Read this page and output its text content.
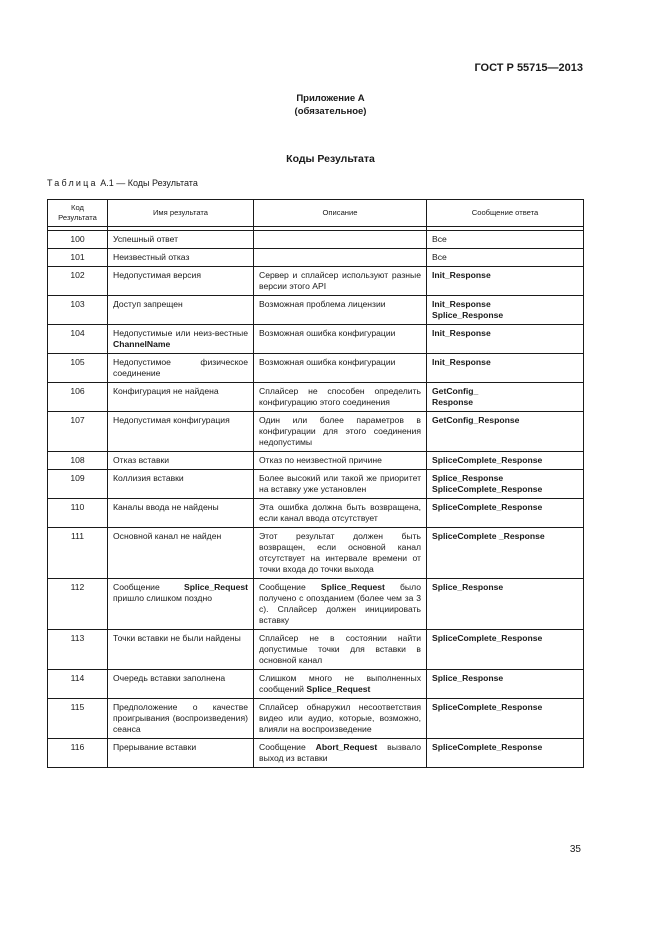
ГОСТ Р 55715—2013
Приложение А
(обязательное)
Коды Результата
Таблица А.1 — Коды Результата
Код Результата	Имя результата	Описание	Сообщение ответа

100	Успешный ответ		Все
101	Неизвестный отказ		Все
102	Недопустимая версия	Сервер и сплайсер используют разные версии этого API	Init_Response
103	Доступ запрещен	Возможная проблема лицензии	Init_Response
Splice_Response
104	Недопустимые или неиз-вестные ChannelName	Возможная ошибка конфигурации	Init_Response
105	Недопустимое физическое соединение	Возможная ошибка конфигурации	Init_Response
106	Конфигурация не найдена	Сплайсер не способен определить конфигурацию этого соединения	GetConfig_
Response
107	Недопустимая конфигурация	Один или более параметров в конфигурации для этого соединения недопустимы	GetConfig_Response
108	Отказ вставки	Отказ по неизвестной причине	SpliceComplete_Response
109	Коллизия вставки	Более высокий или такой же приоритет на вставку уже установлен	Splice_Response
SpliceComplete_Response
110	Каналы ввода не найдены	Эта ошибка должна быть возвращена, если канал ввода отсутствует	SpliceComplete_Response
111	Основной канал не найден	Этот результат должен быть возвращен, если основной канал отсутствует на интервале времени от точки входа до точки выхода	SpliceComplete _Response
112	Сообщение Splice_Request пришло слишком поздно	Сообщение Splice_Request было получено с опозданием (более чем за 3 с). Сплайсер должен инициировать вставку	Splice_Response
113	Точки вставки не были найдены	Сплайсер не в состоянии найти допустимые точки для вставки в основной канал	SpliceComplete_Response
114	Очередь вставки заполнена	Слишком много не выполненных сообщений Splice_Request	Splice_Response
115	Предположение о качестве проигрывания (воспроизведения) сеанса	Сплайсер обнаружил несоответствия видео или аудио, которые, возможно, влияли на воспроизведение	SpliceComplete_Response
116	Прерывание вставки	Сообщение Abort_Request вызвало выход из вставки	SpliceComplete_Response
35
